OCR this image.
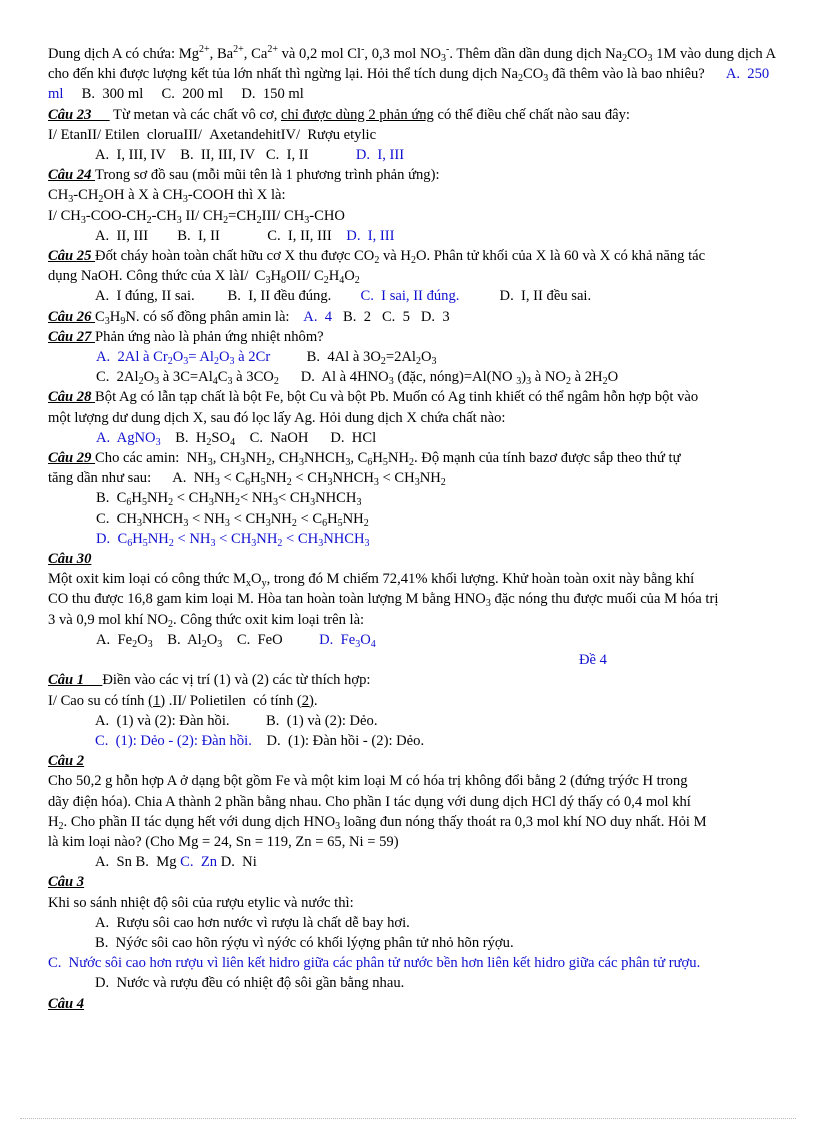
Dung dịch A có chứa: $Mg^{2+}$, $Ba^{2+}$, $Ca^{2+}$ và 0,2 mol Cl-, 0,3 mol $NO_3^-$. Thêm dần dần dung dịch $Na_2CO_3$ 1M vào dung dịch A cho đến khi được lượng kết tủa lớn nhất thì ngừng lại. Hỏi thể tích dung dịch $Na_2CO_3$ đã thêm vào là bao nhiêu?      A.  250 ml     B.  300 ml     C.  200 ml     D.  150 ml
Câu 23      Từ metan và các chất vô cơ, chỉ được dùng 2 phản ứng có thể điều chế chất nào sau đây:
I/ EtanII/ Etilen  cloruaIII/  AxetandehitIV/  Rượu etylic
A.  I, III, IV    B.  II, III, IV   C.  I, II             D.  I, III
Câu 24 Trong sơ đồ sau (mỗi mũi tên là 1 phương trình phản ứng):
$CH_3-CH_2OH$ à X à $CH_3$-COOH thì X là:
I/ $CH_3-COO-CH_2-CH_3$ II/ $CH_2=CH_2III/$ $CH_3$-CHO
A.  II, III        B.  I, II             C.  I, II, III    D.  I, III
Câu 25 Đốt cháy hoàn toàn chất hữu cơ X thu được $CO_2$ và $H_2O$. Phân tử khối của X là 60 và X có khả năng tác
dụng NaOH. Công thức của X làI/  $C_3H_8OII/$ $C_2H_4O_2$
A.  I đúng, II sai.         B.  I, II đều đúng.        C.  I sai, II đúng.           D.  I, II đều sai.
Câu 26 $C_3H_9N$. có số đồng phân amin là:    A.  4   B.  2   C.  5   D.  3
Câu 27 Phản ứng nào là phản ứng nhiệt nhôm?
A.  2Al à $Cr_2O_3= Al_2O_3$ à 2Cr          B.  4Al à $3O_2=2Al_2O_3$
C.  $2Al_2O_3$ à $3C=Al_4C_3$ à $3CO_2$      D.  Al à $4HNO_3$ (đặc, nóng)=Al(NO $_3)_3$ à $NO_2$ à $2H_2O$
Câu 28 Bột Ag có lẫn tạp chất là bột Fe, bột Cu và bột Pb. Muốn có Ag tinh khiết có thể ngâm hỗn hợp bột vào
một lượng dư dung dịch X, sau đó lọc lấy Ag. Hỏi dung dịch X chứa chất nào:
A.  AgNO$_3$    B.  $H_2SO_4$    C.  NaOH      D.  HCl
Câu 29 Cho các amin:  $NH_3$, $CH_3NH_2$, $CH_3NHCH_3$, $C_6H_5NH_2$. Độ mạnh của tính bazơ được sắp theo thứ tự
tăng dần như sau:      A.  $NH_3 < C_6H_5NH_2$ < $CH_3NHCH_3 < CH_3NH_2$
B.  $C_6H_5NH_2 < CH_3NH_2< NH_3<$ $CH_3NHCH_3$
C.  $CH_3NHCH_3 < NH_3 < CH_3NH_2 < C_6H_5NH_2$
D.  $C_6H_5NH_2 < NH_3 < CH_3NH_2$ < $CH_3NHCH_3$
Câu 30
Một oxit kim loại có công thức $M_xO_y$, trong đó M chiếm 72,41% khối lượng. Khử hoàn toàn oxit này bằng khí
CO thu được 16,8 gam kim loại M. Hòa tan hoàn toàn lượng M bằng $HNO_3$ đặc nóng thu được muối của M hóa trị
3 và 0,9 mol khí $NO_2$. Công thức oxit kim loại trên là:
A.  $Fe_2O_3$    B.  $Al_2O_3$    C.  FeO          D.  $Fe_3O_4$
Đề 4
Câu 1     Điền vào các vị trí (1) và (2) các từ thích hợp:
I/ Cao su có tính (1) .II/ Polietilen  có tính (2).
A.  (1) và (2): Đàn hồi.          B.  (1) và (2): Dẻo.
C.  (1): Dẻo - (2): Đàn hồi.    D.  (1): Đàn hồi - (2): Dẻo.
Câu 2
Cho 50,2 g hỗn hợp A ở dạng bột gồm Fe và một kim loại M có hóa trị không đổi bằng 2 (đứng trýớc H trong
dãy điện hóa). Chia A thành 2 phần bằng nhau. Cho phần I tác dụng với dung dịch HCl dý thấy có 0,4 mol khí
$H_2$. Cho phần II tác dụng hết với dung dịch $HNO_3$ loãng đun nóng thấy thoát ra 0,3 mol khí NO duy nhất. Hỏi M
là kim loại nào? (Cho Mg = 24, Sn = 119, Zn = 65, Ni = 59)
A.  Sn B.  Mg C.  Zn D.  Ni
Câu 3
Khi so sánh nhiệt độ sôi của rượu etylic và nước thì:
A.  Rượu sôi cao hơn nước vì rượu là chất dễ bay hơi.
B.  Nýớc sôi cao hõn rýợu vì nýớc có khối lýợng phân tử nhỏ hõn rýợu.
C.  Nước sôi cao hơn rượu vì liên kết hidro giữa các phân tử nước bền hơn liên kết hidro giữa các phân tử rượu.
D.  Nước và rượu đều có nhiệt độ sôi gần bằng nhau.
Câu 4
